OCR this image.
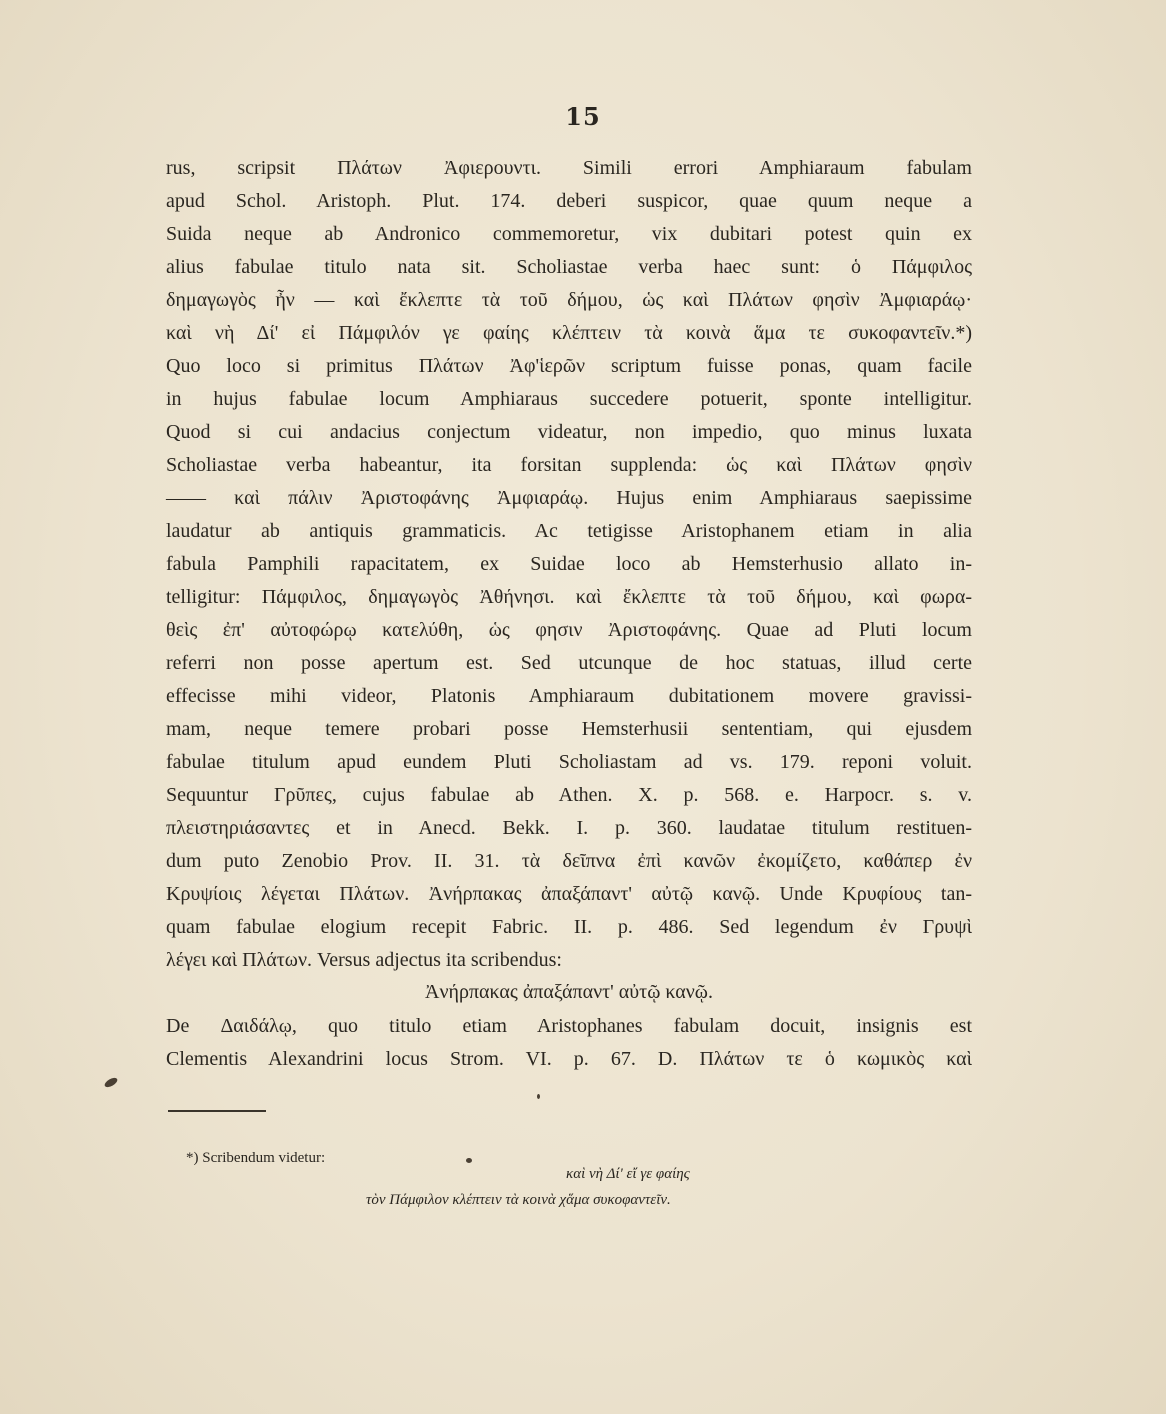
15
rus, scripsit Πλάτων Ἀφιερουντι. Simili errori Amphiaraum fabulam
apud Schol. Aristoph. Plut. 174. deberi suspicor, quae quum neque a
Suida neque ab Andronico commemoretur, vix dubitari potest quin ex
alius fabulae titulo nata sit. Scholiastae verba haec sunt: ὁ Πάμφιλος
δημαγωγὸς ἦν — καὶ ἔκλεπτε τὰ τοῦ δήμου, ὡς καὶ Πλάτων φησὶν Ἀμφιαράῳ·
καὶ νὴ Δί' εἰ Πάμφιλόν γε φαίης κλέπτειν τὰ κοινὰ ἅμα τε συκοφαντεῖν.*)
Quo loco si primitus Πλάτων Ἀφ'ἱερῶν scriptum fuisse ponas, quam facile
in hujus fabulae locum Amphiaraus succedere potuerit, sponte intelligitur.
Quod si cui andacius conjectum videatur, non impedio, quo minus luxata
Scholiastae verba habeantur, ita forsitan supplenda: ὡς καὶ Πλάτων φησὶν
—— καὶ πάλιν Ἀριστοφάνης Ἀμφιαράῳ. Hujus enim Amphiaraus saepissime
laudatur ab antiquis grammaticis. Ac tetigisse Aristophanem etiam in alia
fabula Pamphili rapacitatem, ex Suidae loco ab Hemsterhusio allato in-
telligitur: Πάμφιλος, δημαγωγὸς Ἀθήνησι. καὶ ἔκλεπτε τὰ τοῦ δήμου, καὶ φωρα-
θεὶς ἐπ' αὐτοφώρῳ κατελύθη, ὡς φησιν Ἀριστοφάνης. Quae ad Pluti locum
referri non posse apertum est. Sed utcunque de hoc statuas, illud certe
effecisse mihi videor, Platonis Amphiaraum dubitationem movere gravissi-
mam, neque temere probari posse Hemsterhusii sententiam, qui ejusdem
fabulae titulum apud eundem Pluti Scholiastam ad vs. 179. reponi voluit.
Sequuntur Γρῦπες, cujus fabulae ab Athen. X. p. 568. e. Harpocr. s. v.
πλειστηριάσαντες et in Anecd. Bekk. I. p. 360. laudatae titulum restituen-
dum puto Zenobio Prov. II. 31. τὰ δεῖπνα ἐπὶ κανῶν ἐκομίζετο, καθάπερ ἐν
Κρυψίοις λέγεται Πλάτων. Ἀνήρπακας ἀπαξάπαντ' αὐτῷ κανῷ. Unde Κρυφίους tan-
quam fabulae elogium recepit Fabric. II. p. 486. Sed legendum ἐν Γρυψὶ
λέγει καὶ Πλάτων. Versus adjectus ita scribendus:
Ἀνήρπακας ἀπαξάπαντ' αὐτῷ κανῷ.
De Δαιδάλῳ, quo titulo etiam Aristophanes fabulam docuit, insignis est
Clementis Alexandrini locus Strom. VI. p. 67. D. Πλάτων τε ὁ κωμικὸς καὶ
*) Scribendum videtur:
καὶ νὴ Δί' εἴ γε φαίης
τὸν Πάμφιλον κλέπτειν τὰ κοινὰ χἅμα συκοφαντεῖν.
